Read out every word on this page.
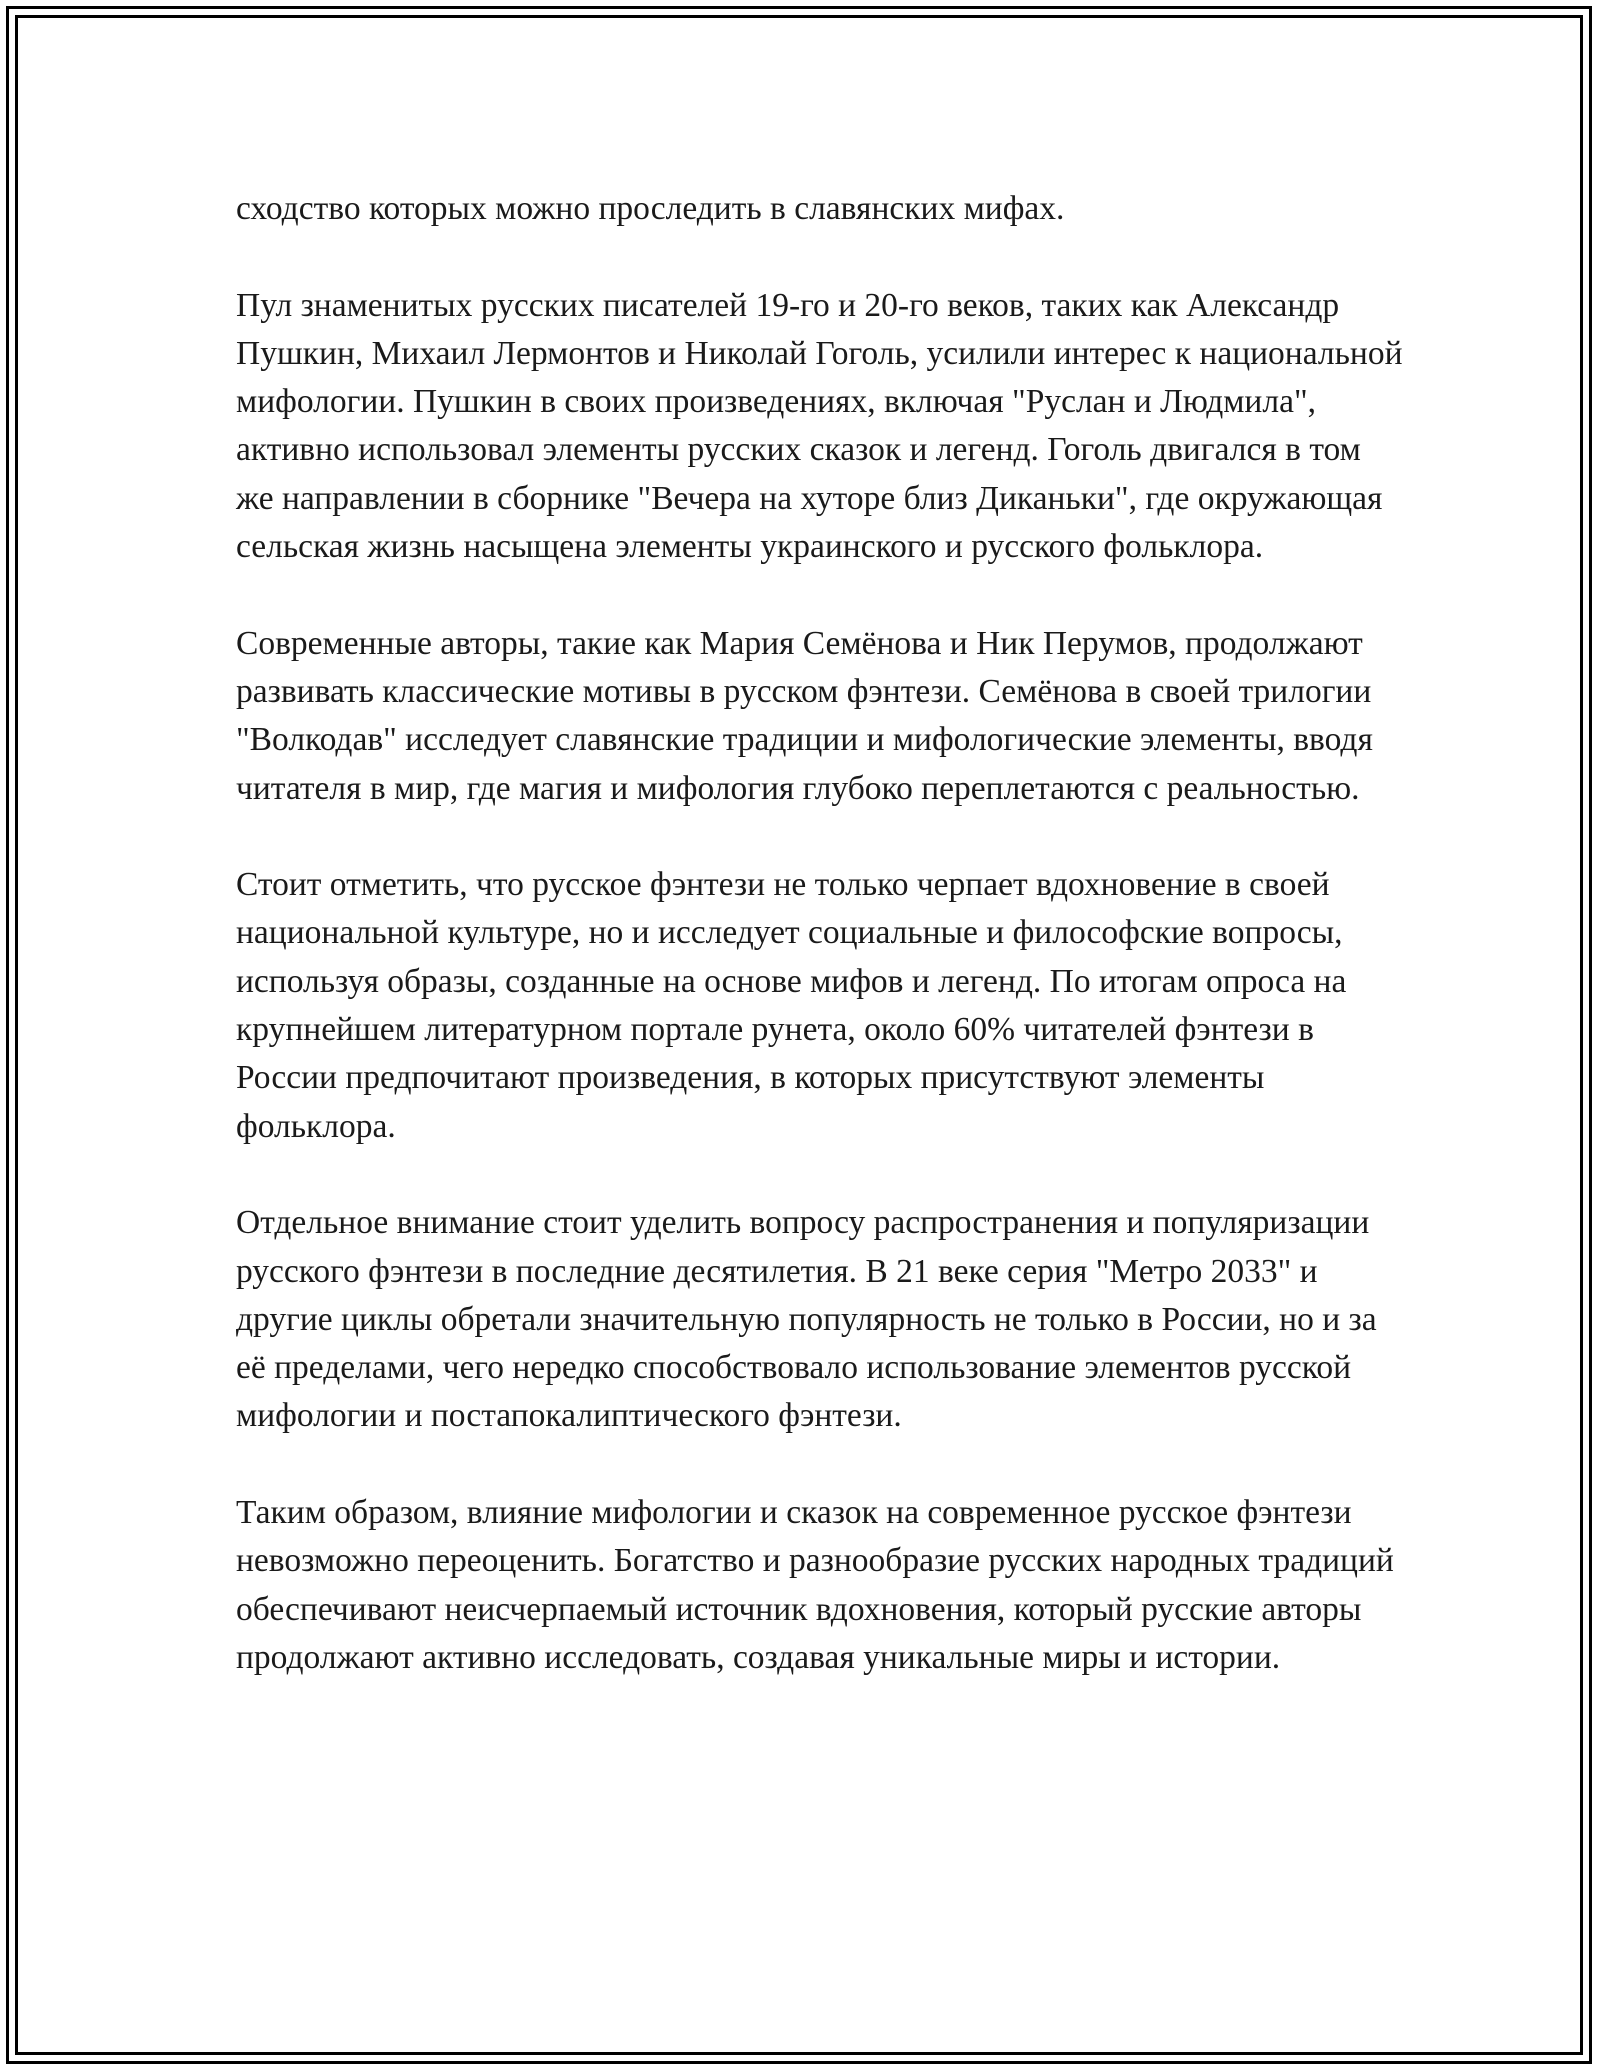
сходство которых можно проследить в славянских мифах.

Пул знаменитых русских писателей 19-го и 20-го веков, таких как Александр Пушкин, Михаил Лермонтов и Николай Гоголь, усилили интерес к национальной мифологии. Пушкин в своих произведениях, включая "Руслан и Людмила", активно использовал элементы русских сказок и легенд. Гоголь двигался в том же направлении в сборнике "Вечера на хуторе близ Диканьки", где окружающая сельская жизнь насыщена элементы украинского и русского фольклора.

Современные авторы, такие как Мария Семёнова и Ник Перумов, продолжают развивать классические мотивы в русском фэнтези. Семёнова в своей трилогии "Волкодав" исследует славянские традиции и мифологические элементы, вводя читателя в мир, где магия и мифология глубоко переплетаются с реальностью.

Стоит отметить, что русское фэнтези не только черпает вдохновение в своей национальной культуре, но и исследует социальные и философские вопросы, используя образы, созданные на основе мифов и легенд. По итогам опроса на крупнейшем литературном портале рунета, около 60% читателей фэнтези в России предпочитают произведения, в которых присутствуют элементы фольклора.

Отдельное внимание стоит уделить вопросу распространения и популяризации русского фэнтези в последние десятилетия. В 21 веке серия "Метро 2033" и другие циклы обретали значительную популярность не только в России, но и за её пределами, чего нередко способствовало использование элементов русской мифологии и постапокалиптического фэнтези.

Таким образом, влияние мифологии и сказок на современное русское фэнтези невозможно переоценить. Богатство и разнообразие русских народных традиций обеспечивают неисчерпаемый источник вдохновения, который русские авторы продолжают активно исследовать, создавая уникальные миры и истории.
